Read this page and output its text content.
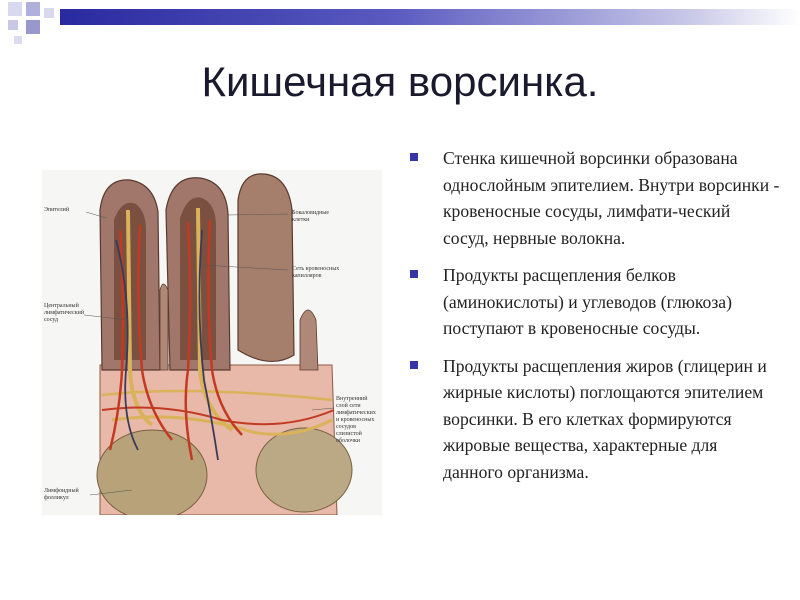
Кишечная ворсинка.
Эпителий	Бокаловидные
клетки
Сеть кровеносных
капилляров
Центральный
лимфатический
сосуд
Внутренний
слой сети
лимфатических
и кровеносных
сосудов
слизистой
оболочки
Лимфоидный
фолликул
Стенка кишечной ворсинки образована однослойным эпителием. Внутри ворсинки - кровеносные сосуды, лимфати-ческий сосуд, нервные волокна.
Продукты расщепления белков (аминокислоты) и углеводов (глюкоза) поступают в кровеносные сосуды.
Продукты расщепления жиров (глицерин и жирные кислоты) поглощаются эпителием ворсинки. В его клетках формируются жировые вещества, характерные для данного организма.
